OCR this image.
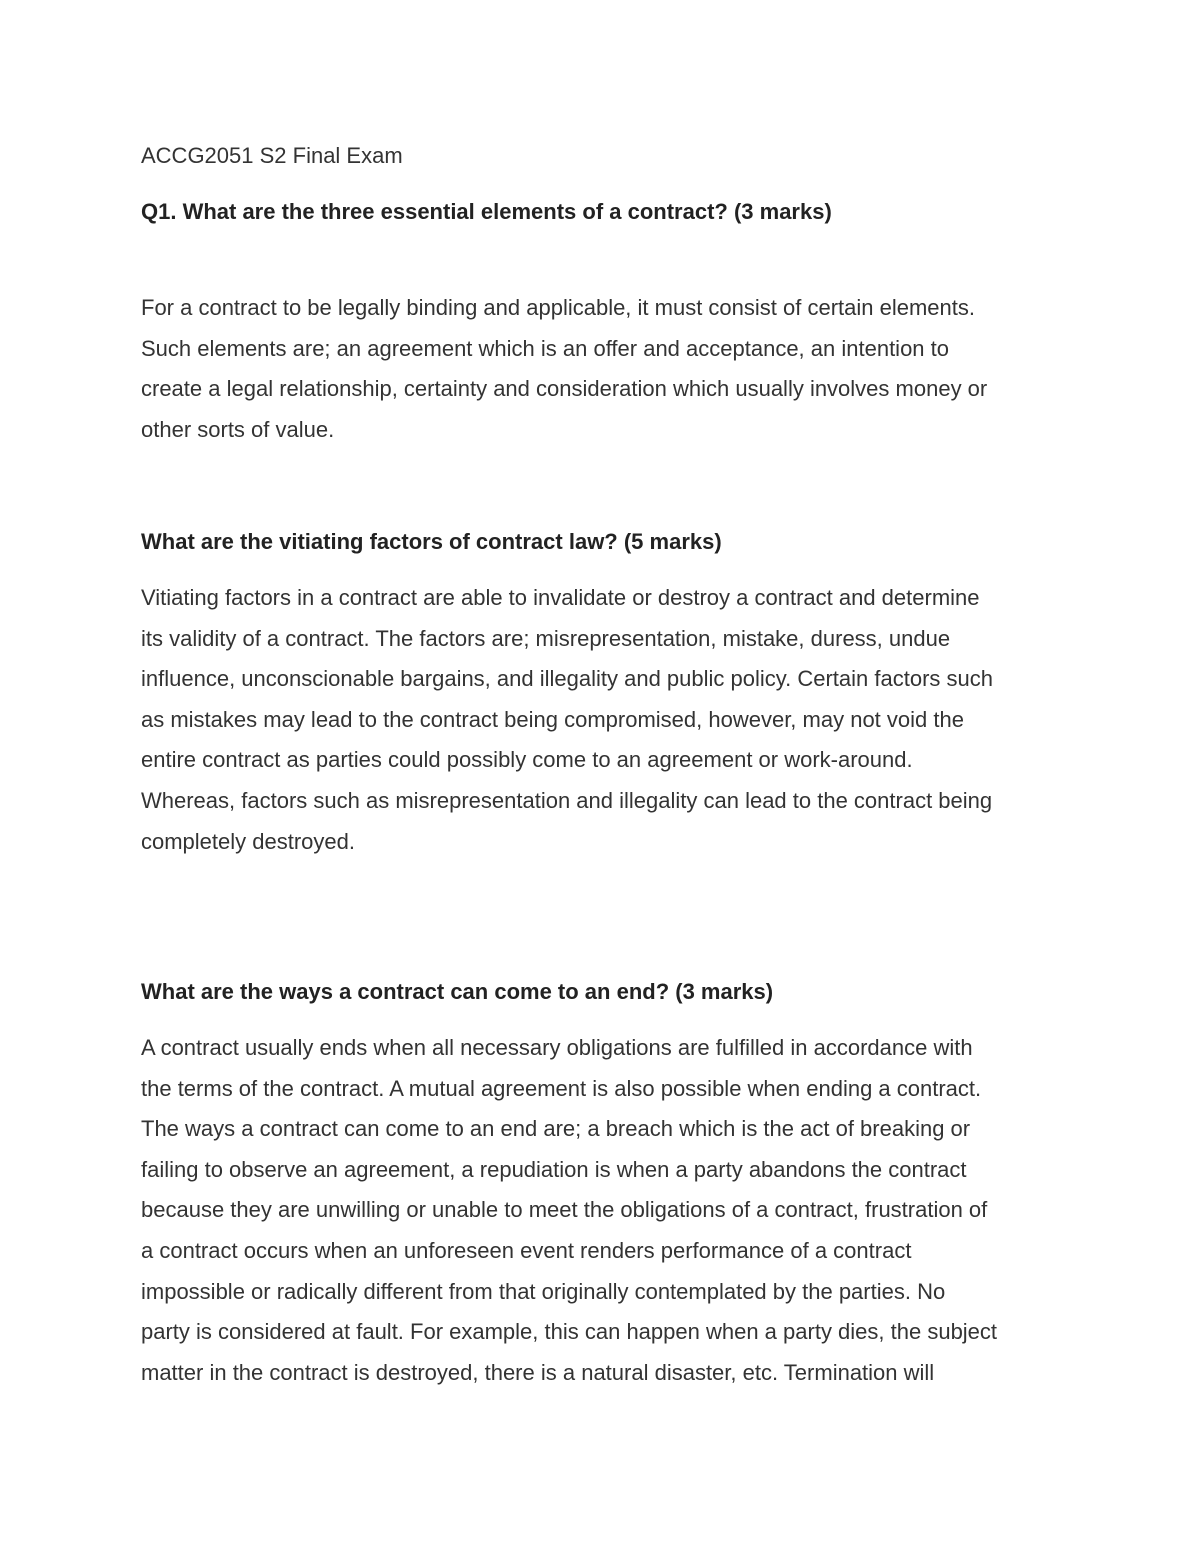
ACCG2051 S2 Final Exam

Q1. What are the three essential elements of a contract? (3 marks)

For a contract to be legally binding and applicable, it must consist of certain elements.
Such elements are; an agreement which is an offer and acceptance, an intention to
create a legal relationship, certainty and consideration which usually involves money or
other sorts of value.

What are the vitiating factors of contract law? (5 marks)

Vitiating factors in a contract are able to invalidate or destroy a contract and determine
its validity of a contract. The factors are; misrepresentation, mistake, duress, undue
influence, unconscionable bargains, and illegality and public policy. Certain factors such
as mistakes may lead to the contract being compromised, however, may not void the
entire contract as parties could possibly come to an agreement or work-around.
Whereas, factors such as misrepresentation and illegality can lead to the contract being
completely destroyed.

What are the ways a contract can come to an end? (3 marks)

A contract usually ends when all necessary obligations are fulfilled in accordance with
the terms of the contract. A mutual agreement is also possible when ending a contract.
The ways a contract can come to an end are; a breach which is the act of breaking or
failing to observe an agreement, a repudiation is when a party abandons the contract
because they are unwilling or unable to meet the obligations of a contract, frustration of
a contract occurs when an unforeseen event renders performance of a contract
impossible or radically different from that originally contemplated by the parties. No
party is considered at fault. For example, this can happen when a party dies, the subject
matter in the contract is destroyed, there is a natural disaster, etc. Termination will
